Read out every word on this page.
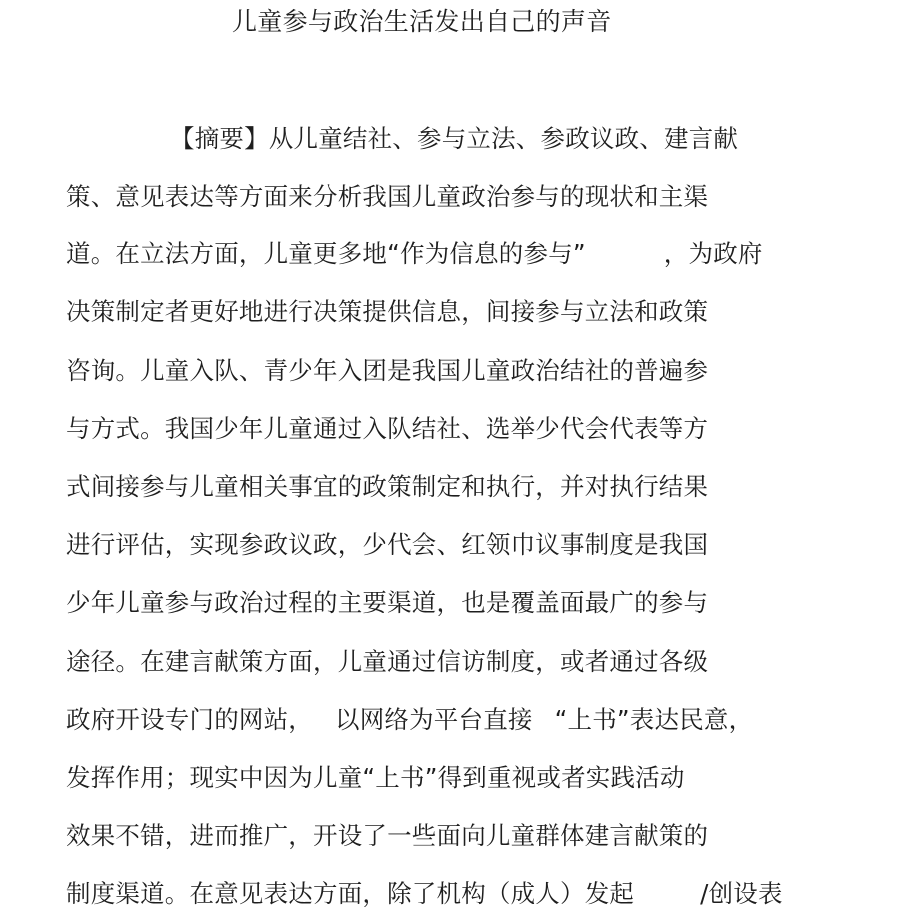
儿童参与政治生活发出自己的声音
【摘要】从儿童结社、参与立法、参政议政、建言献
策、意见表达等方面来分析我国儿童政治参与的现状和主渠
道。在立法方面，儿童更多地“作为信息的参与”	，为政府
决策制定者更好地进行决策提供信息，间接参与立法和政策
咨询。儿童入队、青少年入团是我国儿童政治结社的普遍参
与方式。我国少年儿童通过入队结社、选举少代会代表等方
式间接参与儿童相关事宜的政策制定和执行，并对执行结果
进行评估，实现参政议政，少代会、红领巾议事制度是我国
少年儿童参与政治过程的主要渠道，也是覆盖面最广的参与
途径。在建言献策方面，儿童通过信访制度，或者通过各级
政府开设专门的网站， 以网络为平台直接 “上书”表达民意，
发挥作用；现实中因为儿童“上书”得到重视或者实践活动
效果不错，进而推广，开设了一些面向儿童群体建言献策的
制度渠道。在意见表达方面，除了机构（成人）发起	/创设表
